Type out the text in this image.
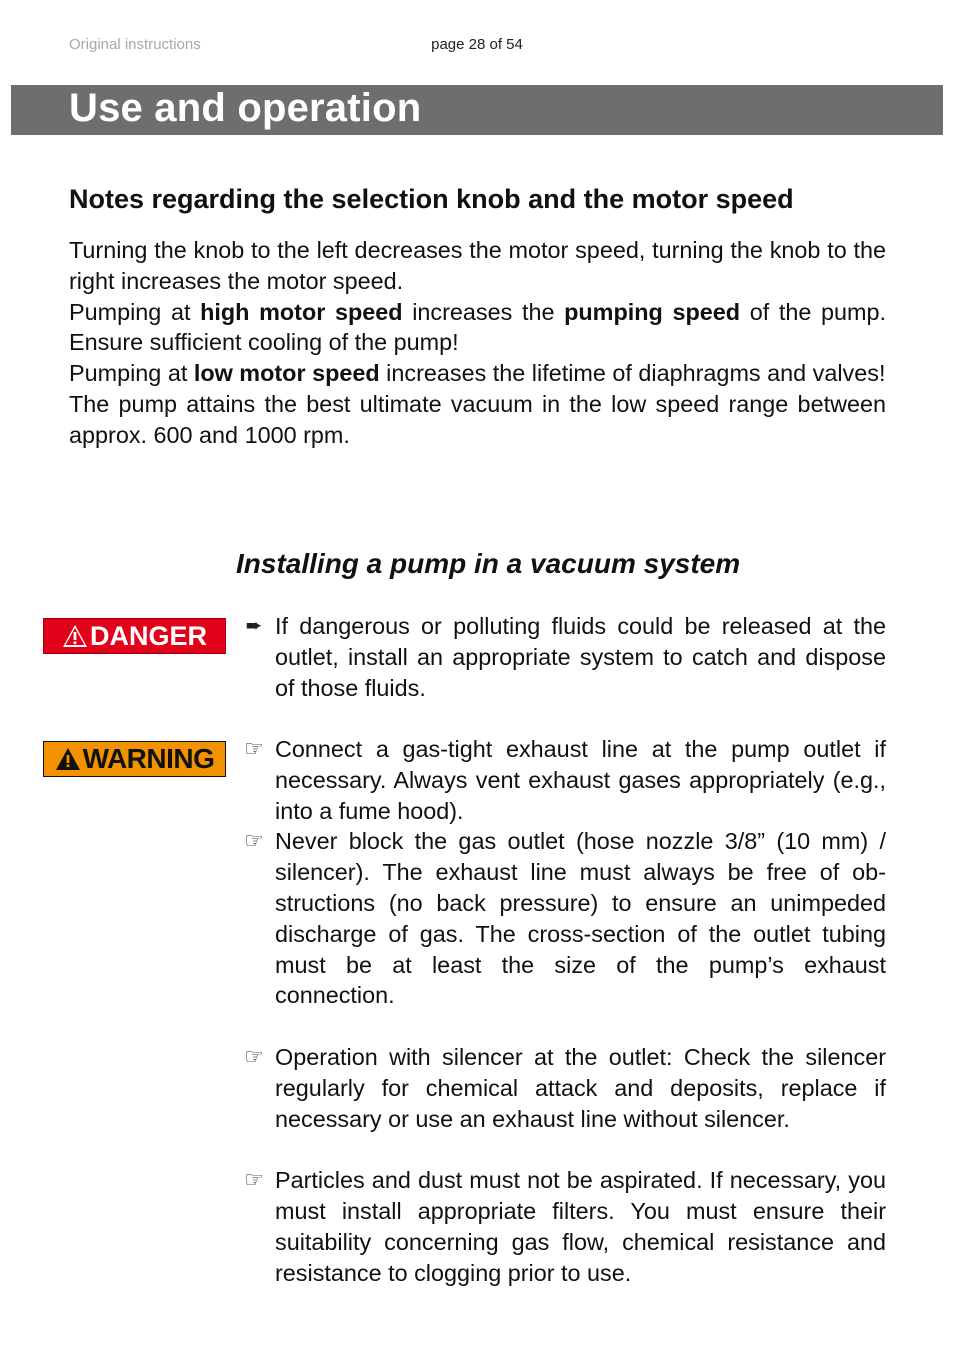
Original instructions	page 28 of 54
Use and operation
Notes regarding the selection knob and the motor speed

Turning the knob to the left decreases the motor speed, turning the knob to the right increases the motor speed.

Pumping at high motor speed increases the pumping speed of the pump. Ensure sufficient cooling of the pump!

Pumping at low motor speed increases the lifetime of diaphragms and valves!

The pump attains the best ultimate vacuum in the low speed range between approx. 600 and 1000 rpm.

Installing a pump in a vacuum system
DANGER
WARNING
➨ If dangerous or polluting fluids could be released at the outlet, install an appropriate system to catch and dispose of those fluids.
☞ Connect a gas-tight exhaust line at the pump outlet if necessary. Always vent exhaust gases appropriately (e.g., into a fume hood).
☞ Never block the gas outlet (hose nozzle 3/8” (10 mm) / silencer). The exhaust line must always be free of obstructions (no back pressure) to ensure an unimpeded discharge of gas. The cross-section of the outlet tubing must be at least the size of the pump’s exhaust connection.
☞ Operation with silencer at the outlet: Check the silencer regularly for chemical attack and deposits, replace if necessary or use an exhaust line without silencer.
☞ Particles and dust must not be aspirated. If necessary, you must install appropriate filters. You must ensure their suitability concerning gas flow, chemical resistance and resistance to clogging prior to use.
